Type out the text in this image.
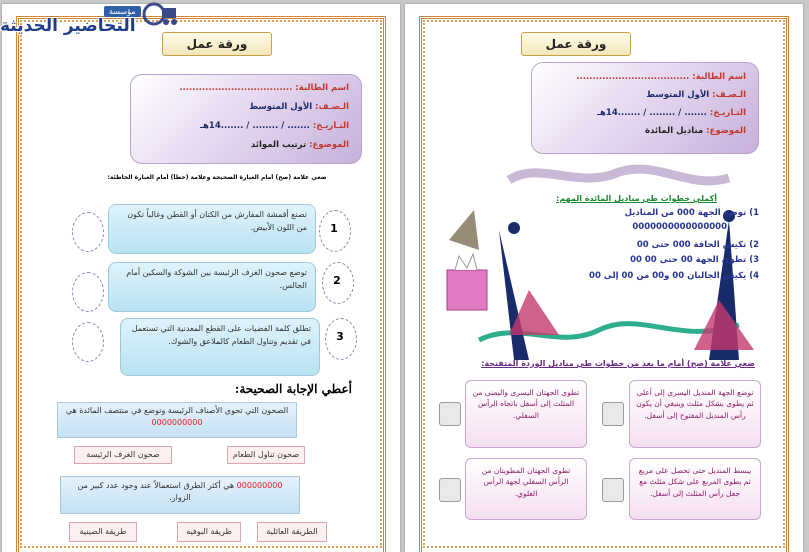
مؤسسة
التحاضير الحديثة
ورقة عمل
اسم الطالبة: ...................................
الـصـف: الأول المتوسط
التـاريـخ: ....... / ........ / .......14هـ
الموضوع: ترتيب الموائد
ضعي علامة (صح) أمام العبارة الصحيحة وعلامة (خطأ) أمام العبارة الخاطئة:
تصنع أقمشة المفارش من الكتان أو القطن وغالباً تكون من اللون الأبيض.	1
توضع صحون الغرف الرئيسة بين الشوكة والسكين أمام الجالس.	2
تطلق كلمة الفضيات على القطع المعدنية التي تستعمل في تقديم وتناول الطعام كالملاعق والشوك.	3
أعطي الإجابة الصحيحة:
الصحون التي تحوي الأصناف الرئيسة وتوضع في منتصف المائدة هي 0000000000
صحون تناول الطعام
صحون الغرف الرئيسة
000000000 هي أكثر الطرق استعمالاً عند وجود عدد كبير من الزوار.
الطريقة العائلية
طريقة البوفيه
طريقة الصينية
ورقة عمل
اسم الطالبة: ...................................
الـصـف: الأول المتوسط
التـاريـخ: ....... / ........ / .......14هـ
الموضوع: مناديل المائدة
أكملي خطوات طي مناديل المائدة المهم:
1) توضع الجهة 000 من المناديل
0000000000000000
2) تكيس الحافة 000 حتى 00
3) تطوى الجهة 00 حتى 00 00
4) يكيس الجالبان 00 و00 من 00 إلى 00
ضعي علامة (صح) أمام ما يعد من خطوات طي مناديل الوردة المتفتحة:
توضع الجهة المنديل اليسرى إلى أعلى ثم يطوى بشكل مثلث وينيغي أن يكون رأس المنديل المفتوح إلى أسفل.
تطوى الجهتان اليسرى واليمنى من المثلث إلى أسفل باتجاه الرأس السفلي.
يبسط المنديل حتى تحصل على مربع ثم يطوى المربع على شكل مثلث مع جعل رأس المثلث إلى أسفل.
تطوى الجهتان المطويتان من الرأس السفلي لجهة الرأس العلوي.
